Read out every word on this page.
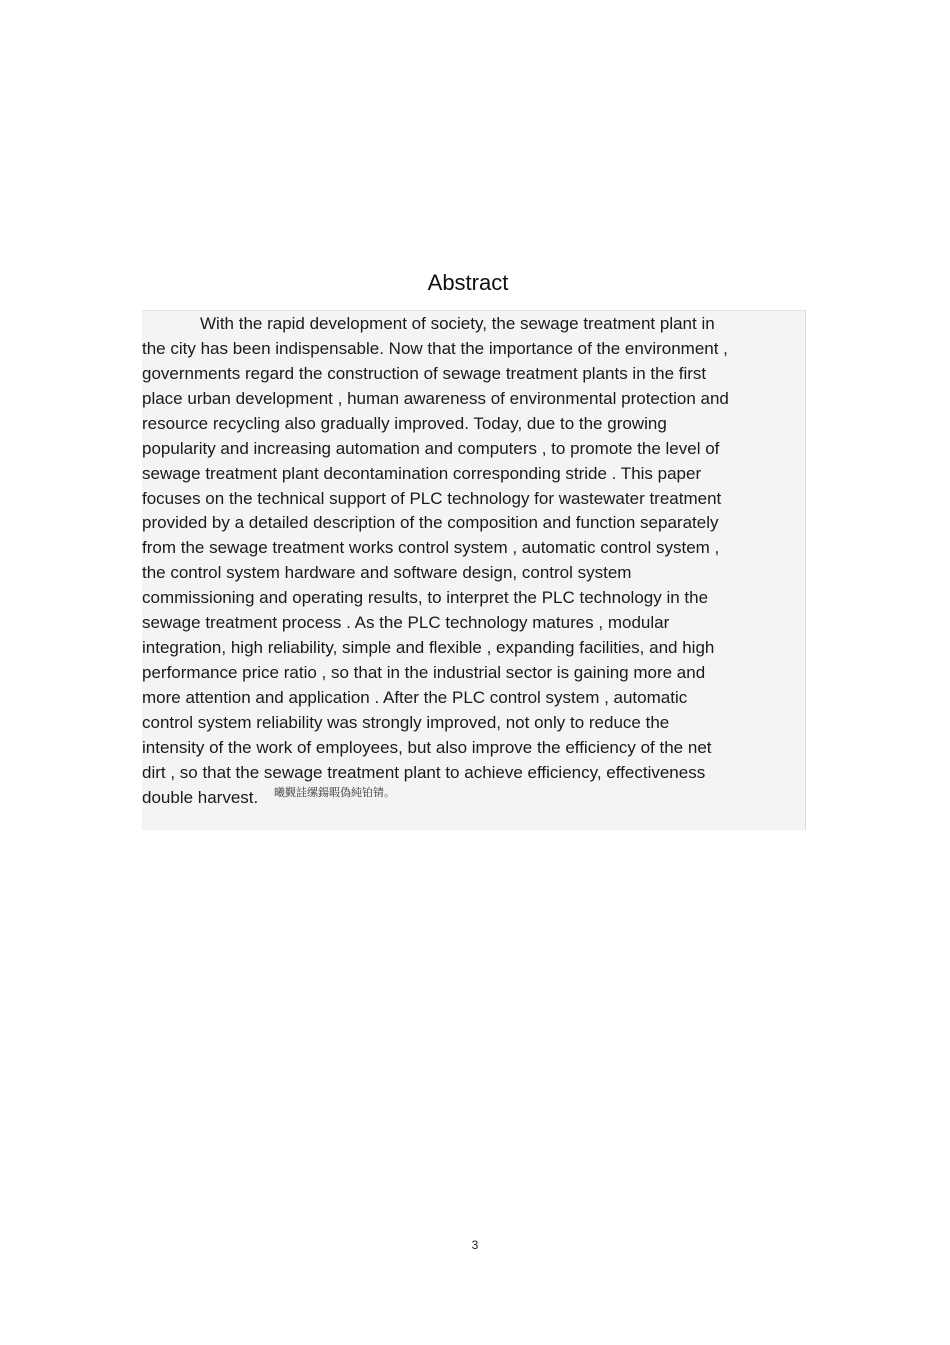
Abstract
With the rapid development of society, the sewage treatment plant in
the city has been indispensable. Now that the importance of the environment ,
governments regard the construction of sewage treatment plants in the first
place urban development , human awareness of environmental protection and
resource recycling also gradually improved. Today, due to the growing
popularity and increasing automation and computers , to promote the level of
sewage treatment plant decontamination corresponding stride . This paper
focuses on the technical support of PLC technology for wastewater treatment
provided by a detailed description of the composition and function separately
from the sewage treatment works control system , automatic control system ,
the control system hardware and software design, control system
commissioning and operating results, to interpret the PLC technology in the
sewage treatment process . As the PLC technology matures , modular
integration, high reliability, simple and flexible , expanding facilities, and high
performance price ratio , so that in the industrial sector is gaining more and
more attention and application . After the PLC control system , automatic
control system reliability was strongly improved, not only to reduce the
intensity of the work of employees, but also improve the efficiency of the net
dirt , so that the sewage treatment plant to achieve efficiency, effectiveness
double harvest. 曦觐詿缧鍚暇偽純铂锖。
3
